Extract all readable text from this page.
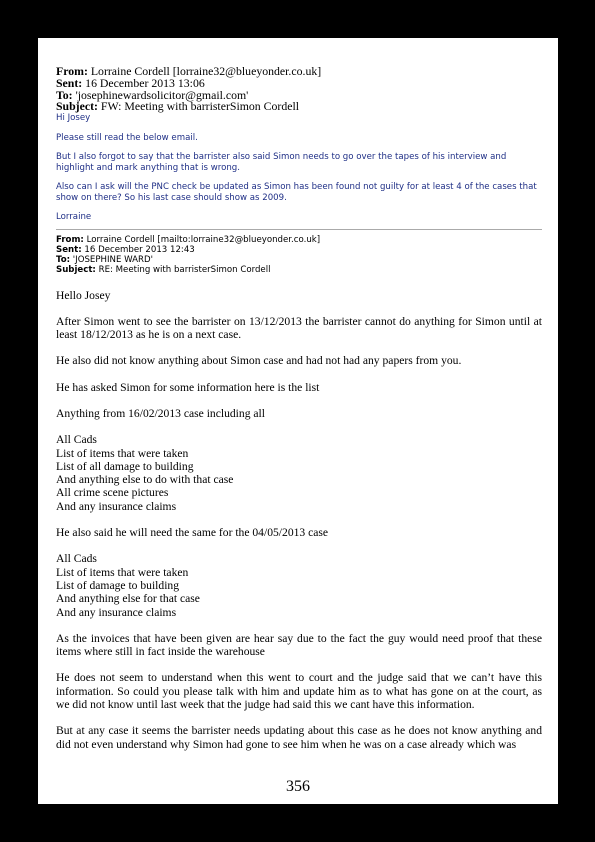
From: Lorraine Cordell [lorraine32@blueyonder.co.uk]
Sent: 16 December 2013 13:06
To: 'josephinewardsolicitor@gmail.com'
Subject: FW: Meeting with barristerSimon Cordell

Hi Josey

Please still read the below email.

But I also forgot to say that the barrister also said Simon needs to go over the tapes of his interview and highlight and mark anything that is wrong.

Also can I ask will the PNC check be updated as Simon has been found not guilty for at least 4 of the cases that show on there? So his last case should show as 2009.

Lorraine

From: Lorraine Cordell [mailto:lorraine32@blueyonder.co.uk]
Sent: 16 December 2013 12:43
To: 'JOSEPHINE WARD'
Subject: RE: Meeting with barristerSimon Cordell

Hello Josey

After Simon went to see the barrister on 13/12/2013 the barrister cannot do anything for Simon until at least 18/12/2013 as he is on a next case.

He also did not know anything about Simon case and had not had any papers from you.

He has asked Simon for some information here is the list

Anything from 16/02/2013 case including all

All Cads
List of items that were taken
List of all damage to building
And anything else to do with that case
All crime scene pictures
And any insurance claims

He also said he will need the same for the 04/05/2013 case

All Cads
List of items that were taken
List of damage to building
And anything else for that case
And any insurance claims

As the invoices that have been given are hear say due to the fact the guy would need proof that these items where still in fact inside the warehouse

He does not seem to understand when this went to court and the judge said that we can’t have this information. So could you please talk with him and update him as to what has gone on at the court, as we did not know until last week that the judge had said this we cant have this information.

But at any case it seems the barrister needs updating about this case as he does not know anything and did not even understand why Simon had gone to see him when he was on a case already which was

356
